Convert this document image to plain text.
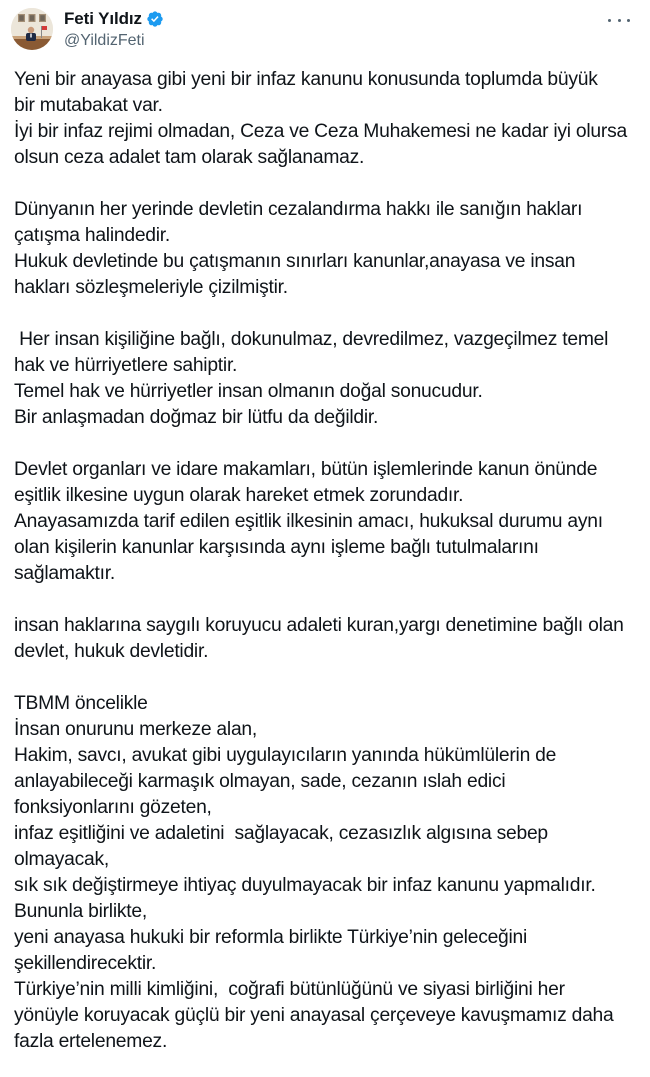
Feti Yıldız
@YildizFeti
Yeni bir anayasa gibi yeni bir infaz kanunu konusunda toplumda büyük
bir mutabakat var.
İyi bir infaz rejimi olmadan, Ceza ve Ceza Muhakemesi ne kadar iyi olursa
olsun ceza adalet tam olarak sağlanamaz.
Dünyanın her yerinde devletin cezalandırma hakkı ile sanığın hakları
çatışma halindedir.
Hukuk devletinde bu çatışmanın sınırları kanunlar,anayasa ve insan
hakları sözleşmeleriyle çizilmiştir.
Her insan kişiliğine bağlı, dokunulmaz, devredilmez, vazgeçilmez temel
hak ve hürriyetlere sahiptir.
Temel hak ve hürriyetler insan olmanın doğal sonucudur.
Bir anlaşmadan doğmaz bir lütfu da değildir.
Devlet organları ve idare makamları, bütün işlemlerinde kanun önünde
eşitlik ilkesine uygun olarak hareket etmek zorundadır.
Anayasamızda tarif edilen eşitlik ilkesinin amacı, hukuksal durumu aynı
olan kişilerin kanunlar karşısında aynı işleme bağlı tutulmalarını
sağlamaktır.
insan haklarına saygılı koruyucu adaleti kuran,yargı denetimine bağlı olan
devlet, hukuk devletidir.
TBMM öncelikle
İnsan onurunu merkeze alan,
Hakim, savcı, avukat gibi uygulayıcıların yanında hükümlülerin de
anlayabileceği karmaşık olmayan, sade, cezanın ıslah edici
fonksiyonlarını gözeten,
infaz eşitliğini ve adaletini  sağlayacak, cezasızlık algısına sebep
olmayacak,
sık sık değiştirmeye ihtiyaç duyulmayacak bir infaz kanunu yapmalıdır.
Bununla birlikte,
yeni anayasa hukuki bir reformla birlikte Türkiye’nin geleceğini
şekillendirecektir.
Türkiye’nin milli kimliğini,  coğrafi bütünlüğünü ve siyasi birliğini her
yönüyle koruyacak güçlü bir yeni anayasal çerçeveye kavuşmamız daha
fazla ertelenemez.
